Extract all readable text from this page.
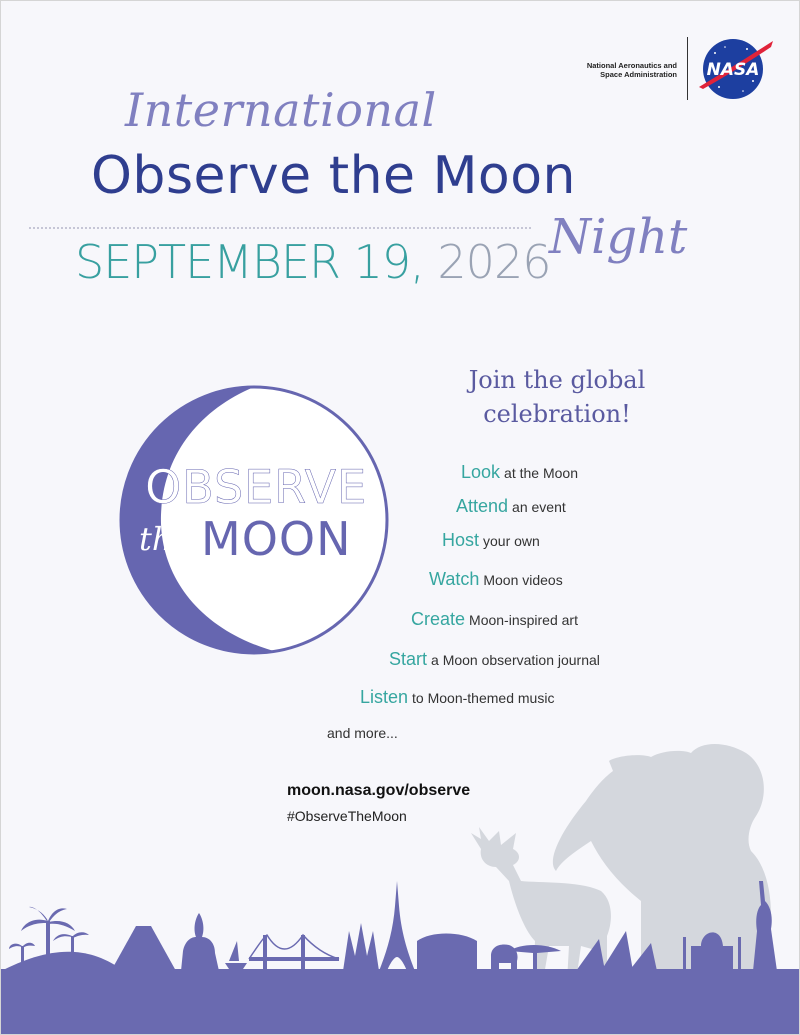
National Aeronautics and
Space Administration NASA
International
Observe the Moon
Night
SEPTEMBER 19, 2026
OBSERVE
the MOON
Join the global
celebration!
Look at the Moon
Attend an event
Host your own
Watch Moon videos
Create Moon-inspired art
Start a Moon observation journal
Listen to Moon-themed music
and more...
moon.nasa.gov/observe
#ObserveTheMoon
